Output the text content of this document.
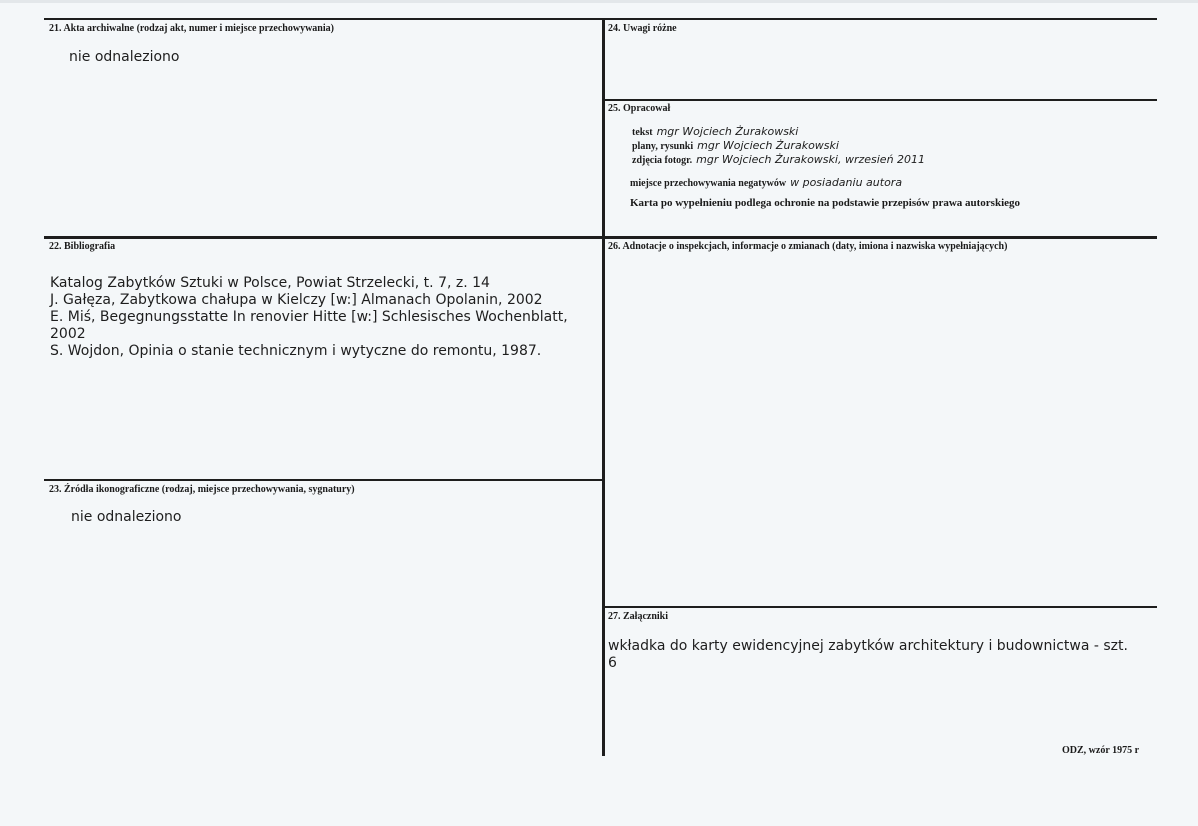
21. Akta archiwalne (rodzaj akt, numer i miejsce przechowywania)
nie odnaleziono
24. Uwagi różne
25. Opracował
tekst mgr Wojciech Żurakowski
plany, rysunki mgr Wojciech Żurakowski
zdjęcia fotogr. mgr Wojciech Żurakowski, wrzesień 2011
miejsce przechowywania negatywów w posiadaniu autora
Karta po wypełnieniu podlega ochronie na podstawie przepisów prawa autorskiego
22. Bibliografia
Katalog Zabytków Sztuki w Polsce, Powiat Strzelecki, t. 7, z. 14
J. Gałęza, Zabytkowa chałupa w Kielczy [w:] Almanach Opolanin, 2002
E. Miś, Begegnungsstatte In renovier Hitte [w:] Schlesisches Wochenblatt,
2002
S. Wojdon, Opinia o stanie technicznym i wytyczne do remontu, 1987.
26. Adnotacje o inspekcjach, informacje o zmianach (daty, imiona i nazwiska wypełniających)
23. Źródła ikonograficzne (rodzaj, miejsce przechowywania, sygnatury)
nie odnaleziono
27. Załączniki
wkładka do karty ewidencyjnej zabytków architektury i budownictwa - szt.
6
ODZ, wzór 1975 r
